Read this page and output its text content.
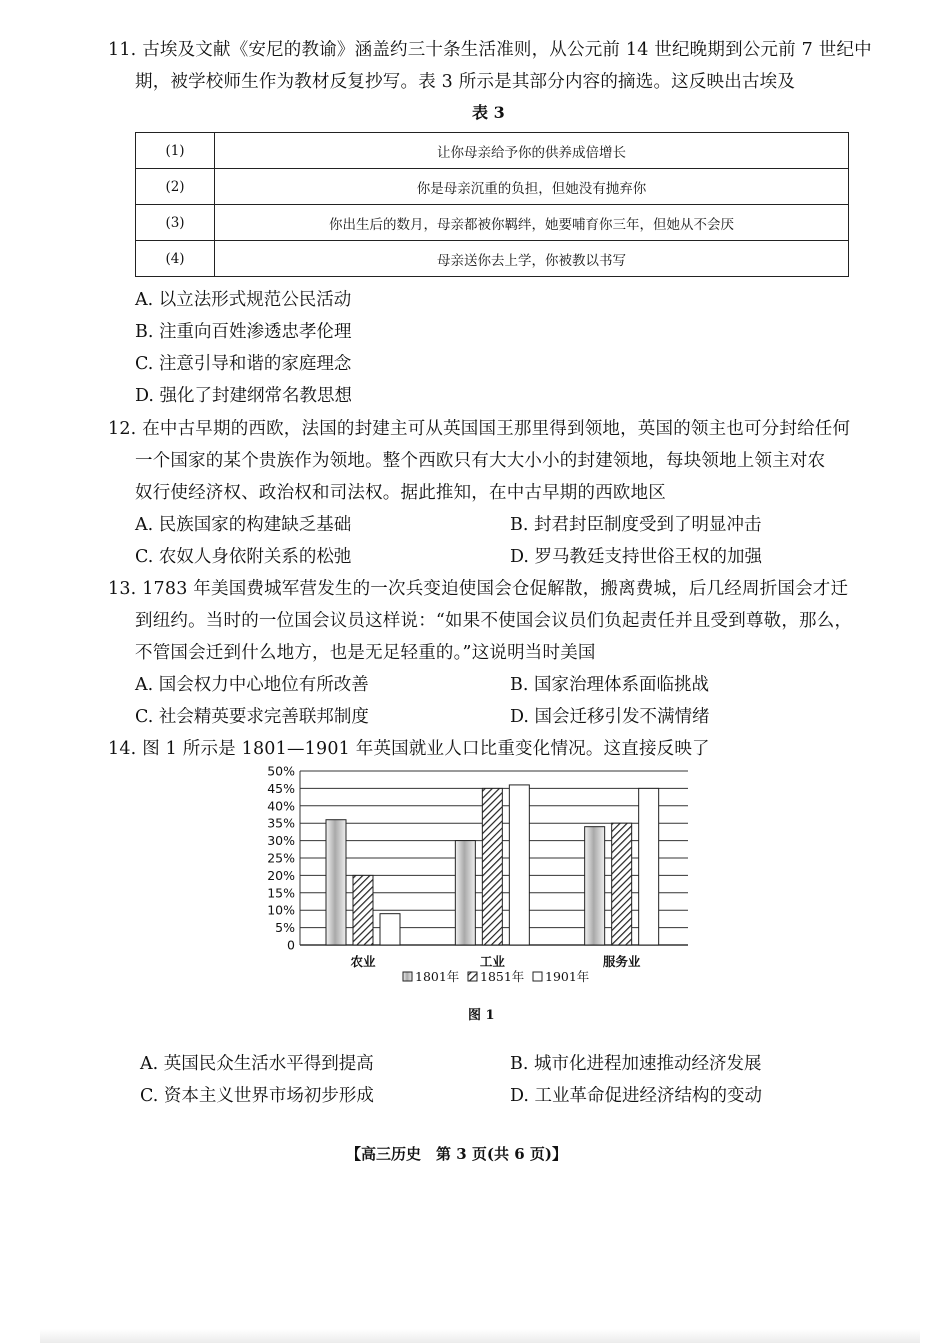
11. 古埃及文献《安尼的教谕》涵盖约三十条生活准则，从公元前 14 世纪晚期到公元前 7 世纪中
期，被学校师生作为教材反复抄写。表 3 所示是其部分内容的摘选。这反映出古埃及
表 3
(1)	让你母亲给予你的供养成倍增长
(2)	你是母亲沉重的负担，但她没有抛弃你
(3)	你出生后的数月，母亲都被你羁绊，她要哺育你三年，但她从不会厌
(4)	母亲送你去上学，你被教以书写
A. 以立法形式规范公民活动
B. 注重向百姓渗透忠孝伦理
C. 注意引导和谐的家庭理念
D. 强化了封建纲常名教思想
12. 在中古早期的西欧，法国的封建主可从英国国王那里得到领地，英国的领主也可分封给任何
一个国家的某个贵族作为领地。整个西欧只有大大小小的封建领地，每块领地上领主对农
奴行使经济权、政治权和司法权。据此推知，在中古早期的西欧地区
A. 民族国家的构建缺乏基础	B. 封君封臣制度受到了明显冲击
C. 农奴人身依附关系的松弛	D. 罗马教廷支持世俗王权的加强
13. 1783 年美国费城军营发生的一次兵变迫使国会仓促解散，搬离费城，后几经周折国会才迁
到纽约。当时的一位国会议员这样说：“如果不使国会议员们负起责任并且受到尊敬，那么，
不管国会迁到什么地方，也是无足轻重的。”这说明当时美国
A. 国会权力中心地位有所改善	B. 国家治理体系面临挑战
C. 社会精英要求完善联邦制度	D. 国会迁移引发不满情绪
14. 图 1 所示是 1801—1901 年英国就业人口比重变化情况。这直接反映了
0
5%
10%
15%
20%
25%
30%
35%
40%
45%
50%
农业	工业	服务业
1801年 1851年 1901年
图 1
A. 英国民众生活水平得到提高	B. 城市化进程加速推动经济发展
C. 资本主义世界市场初步形成	D. 工业革命促进经济结构的变动
【高三历史　第 3 页(共 6 页)】
